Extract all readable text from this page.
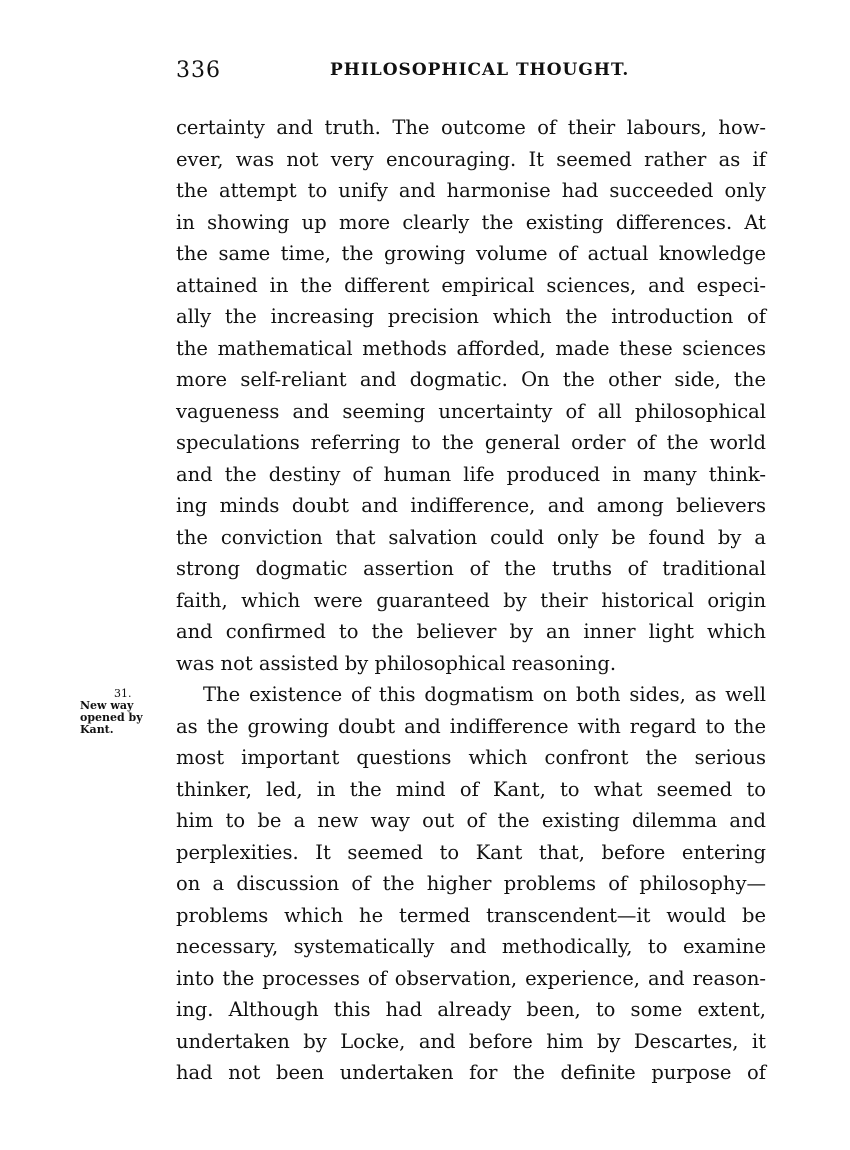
336	PHILOSOPHICAL THOUGHT.
31.
New way
opened by
Kant.
certainty and truth. The outcome of their labours, how-
ever, was not very encouraging. It seemed rather as if
the attempt to unify and harmonise had succeeded only
in showing up more clearly the existing differences. At
the same time, the growing volume of actual knowledge
attained in the different empirical sciences, and especi-
ally the increasing precision which the introduction of
the mathematical methods afforded, made these sciences
more self-reliant and dogmatic. On the other side, the
vagueness and seeming uncertainty of all philosophical
speculations referring to the general order of the world
and the destiny of human life produced in many think-
ing minds doubt and indifference, and among believers
the conviction that salvation could only be found by a
strong dogmatic assertion of the truths of traditional
faith, which were guaranteed by their historical origin
and confirmed to the believer by an inner light which
was not assisted by philosophical reasoning.
The existence of this dogmatism on both sides, as well
as the growing doubt and indifference with regard to the
most important questions which confront the serious
thinker, led, in the mind of Kant, to what seemed to
him to be a new way out of the existing dilemma and
perplexities. It seemed to Kant that, before entering
on a discussion of the higher problems of philosophy—
problems which he termed transcendent—it would be
necessary, systematically and methodically, to examine
into the processes of observation, experience, and reason-
ing. Although this had already been, to some extent,
undertaken by Locke, and before him by Descartes, it
had not been undertaken for the definite purpose of
